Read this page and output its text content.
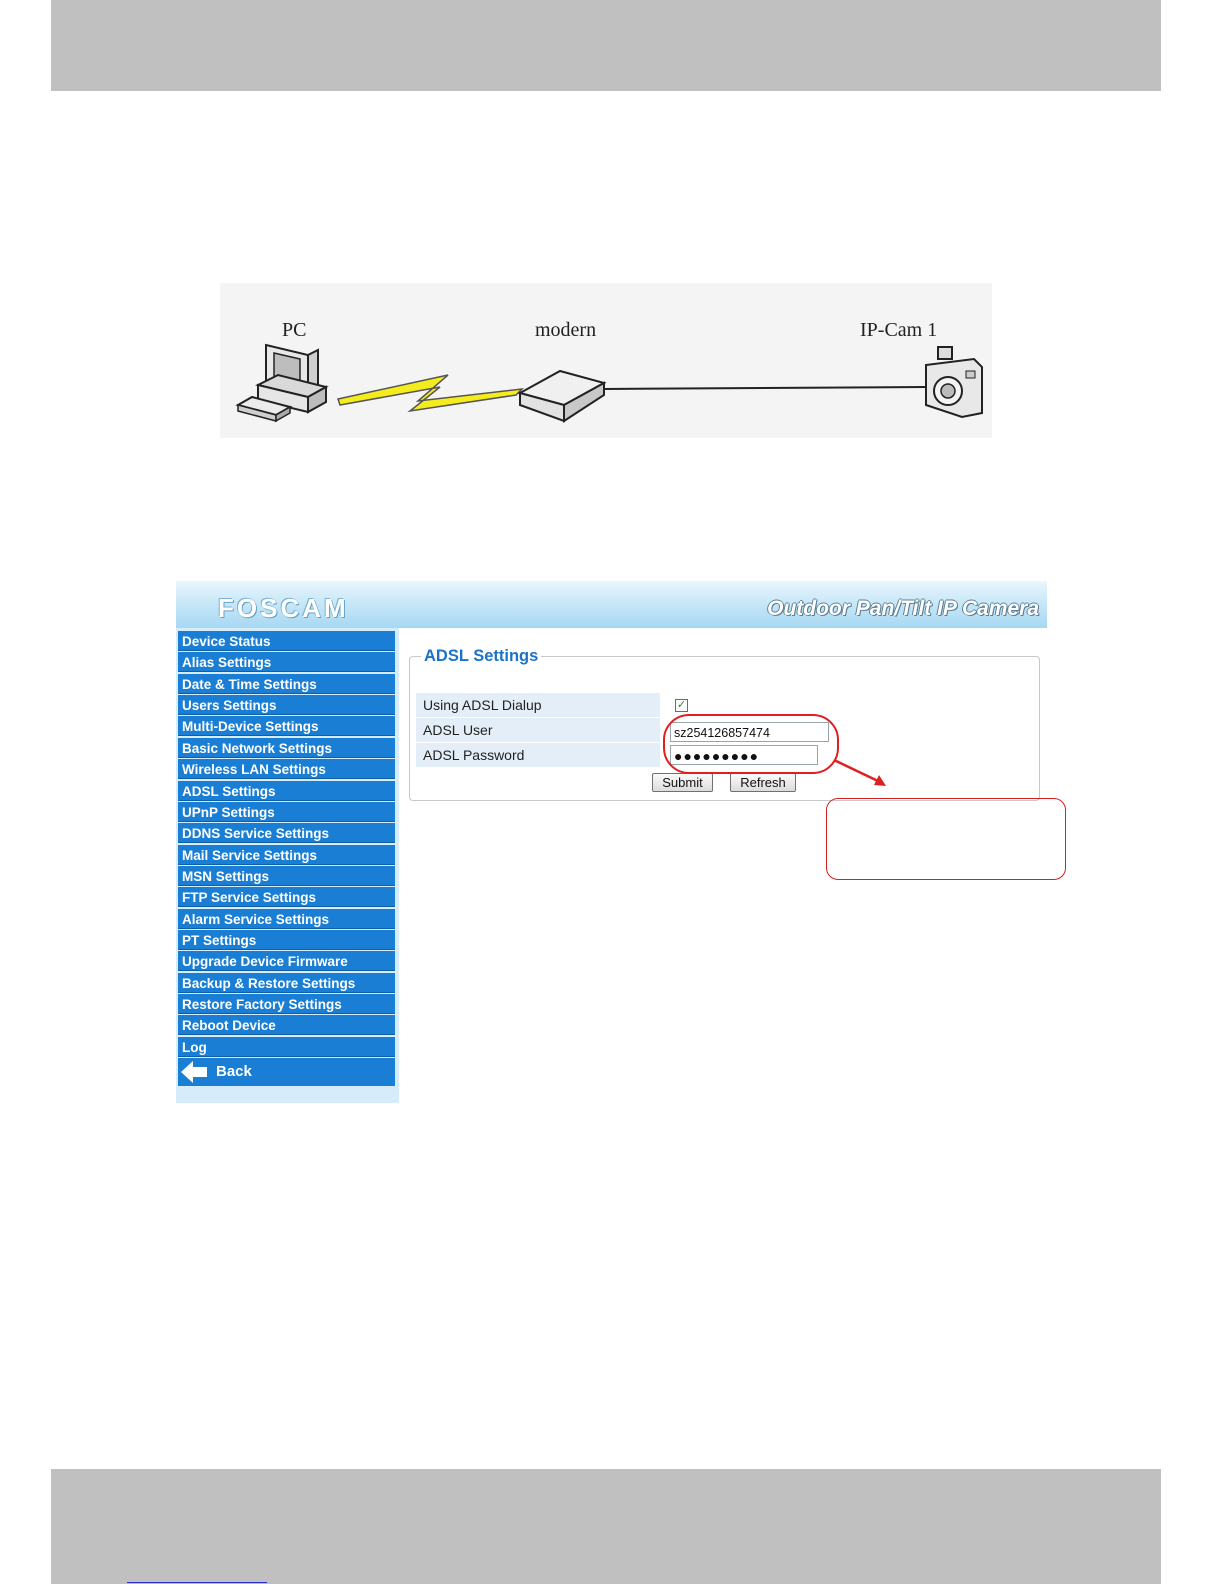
PC	modern	IP-Cam 1
FOSCAM	Outdoor Pan/Tilt IP Camera
Device Status
Alias Settings
Date & Time Settings
Users Settings
Multi-Device Settings
Basic Network Settings
Wireless LAN Settings
ADSL Settings
UPnP Settings
DDNS Service Settings
Mail Service Settings
MSN Settings
FTP Service Settings
Alarm Service Settings
PT Settings
Upgrade Device Firmware
Backup & Restore Settings
Restore Factory Settings
Reboot Device
Log
Back
ADSL Settings
Using ADSL Dialup	✓
ADSL User	sz254126857474
ADSL Password	●●●●●●●●●
Submit	Refresh
